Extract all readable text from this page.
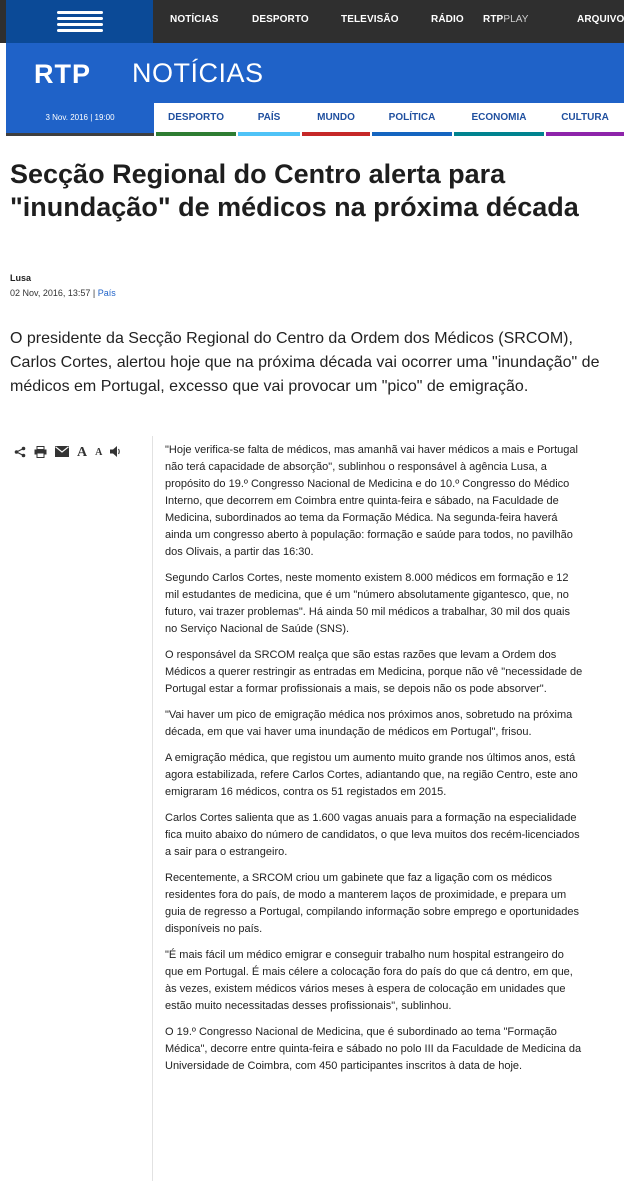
NOTÍCIAS	DESPORTO	TELEVISÃO	RÁDIO RTPPLAY	ARQUIVO
RTP NOTÍCIAS
3 Nov. 2016 | 19:00	DESPORTO	PAÍS	MUNDO	POLÍTICA	ECONOMIA	CULTURA
Secção Regional do Centro alerta para "inundação" de médicos na próxima década
Lusa
02 Nov, 2016, 13:57 | País

O presidente da Secção Regional do Centro da Ordem dos Médicos (SRCOM), Carlos Cortes, alertou hoje que na próxima década vai ocorrer uma "inundação" de médicos em Portugal, excesso que vai provocar um "pico" de emigração.

A A	"Hoje verifica-se falta de médicos, mas amanhã vai haver médicos a mais e Portugal não terá capacidade de absorção", sublinhou o responsável à agência Lusa, a propósito do 19.º Congresso Nacional de Medicina e do 10.º Congresso do Médico Interno, que decorrem em Coimbra entre quinta-feira e sábado, na Faculdade de Medicina, subordinados ao tema da Formação Médica. Na segunda-feira haverá ainda um congresso aberto à população: formação e saúde para todos, no pavilhão dos Olivais, a partir das 16:30.

Segundo Carlos Cortes, neste momento existem 8.000 médicos em formação e 12 mil estudantes de medicina, que é um "número absolutamente gigantesco, que, no futuro, vai trazer problemas". Há ainda 50 mil médicos a trabalhar, 30 mil dos quais no Serviço Nacional de Saúde (SNS).

O responsável da SRCOM realça que são estas razões que levam a Ordem dos Médicos a querer restringir as entradas em Medicina, porque não vê "necessidade de Portugal estar a formar profissionais a mais, se depois não os pode absorver".

"Vai haver um pico de emigração médica nos próximos anos, sobretudo na próxima década, em que vai haver uma inundação de médicos em Portugal", frisou.

A emigração médica, que registou um aumento muito grande nos últimos anos, está agora estabilizada, refere Carlos Cortes, adiantando que, na região Centro, este ano emigraram 16 médicos, contra os 51 registados em 2015.

Carlos Cortes salienta que as 1.600 vagas anuais para a formação na especialidade fica muito abaixo do número de candidatos, o que leva muitos dos recém-licenciados a sair para o estrangeiro.

Recentemente, a SRCOM criou um gabinete que faz a ligação com os médicos residentes fora do país, de modo a manterem laços de proximidade, e prepara um guia de regresso a Portugal, compilando informação sobre emprego e oportunidades disponíveis no país.

"É mais fácil um médico emigrar e conseguir trabalho num hospital estrangeiro do que em Portugal. É mais célere a colocação fora do país do que cá dentro, em que, às vezes, existem médicos vários meses à espera de colocação em unidades que estão muito necessitadas desses profissionais", sublinhou.

O 19.º Congresso Nacional de Medicina, que é subordinado ao tema "Formação Médica", decorre entre quinta-feira e sábado no polo III da Faculdade de Medicina da Universidade de Coimbra, com 450 participantes inscritos à data de hoje.
